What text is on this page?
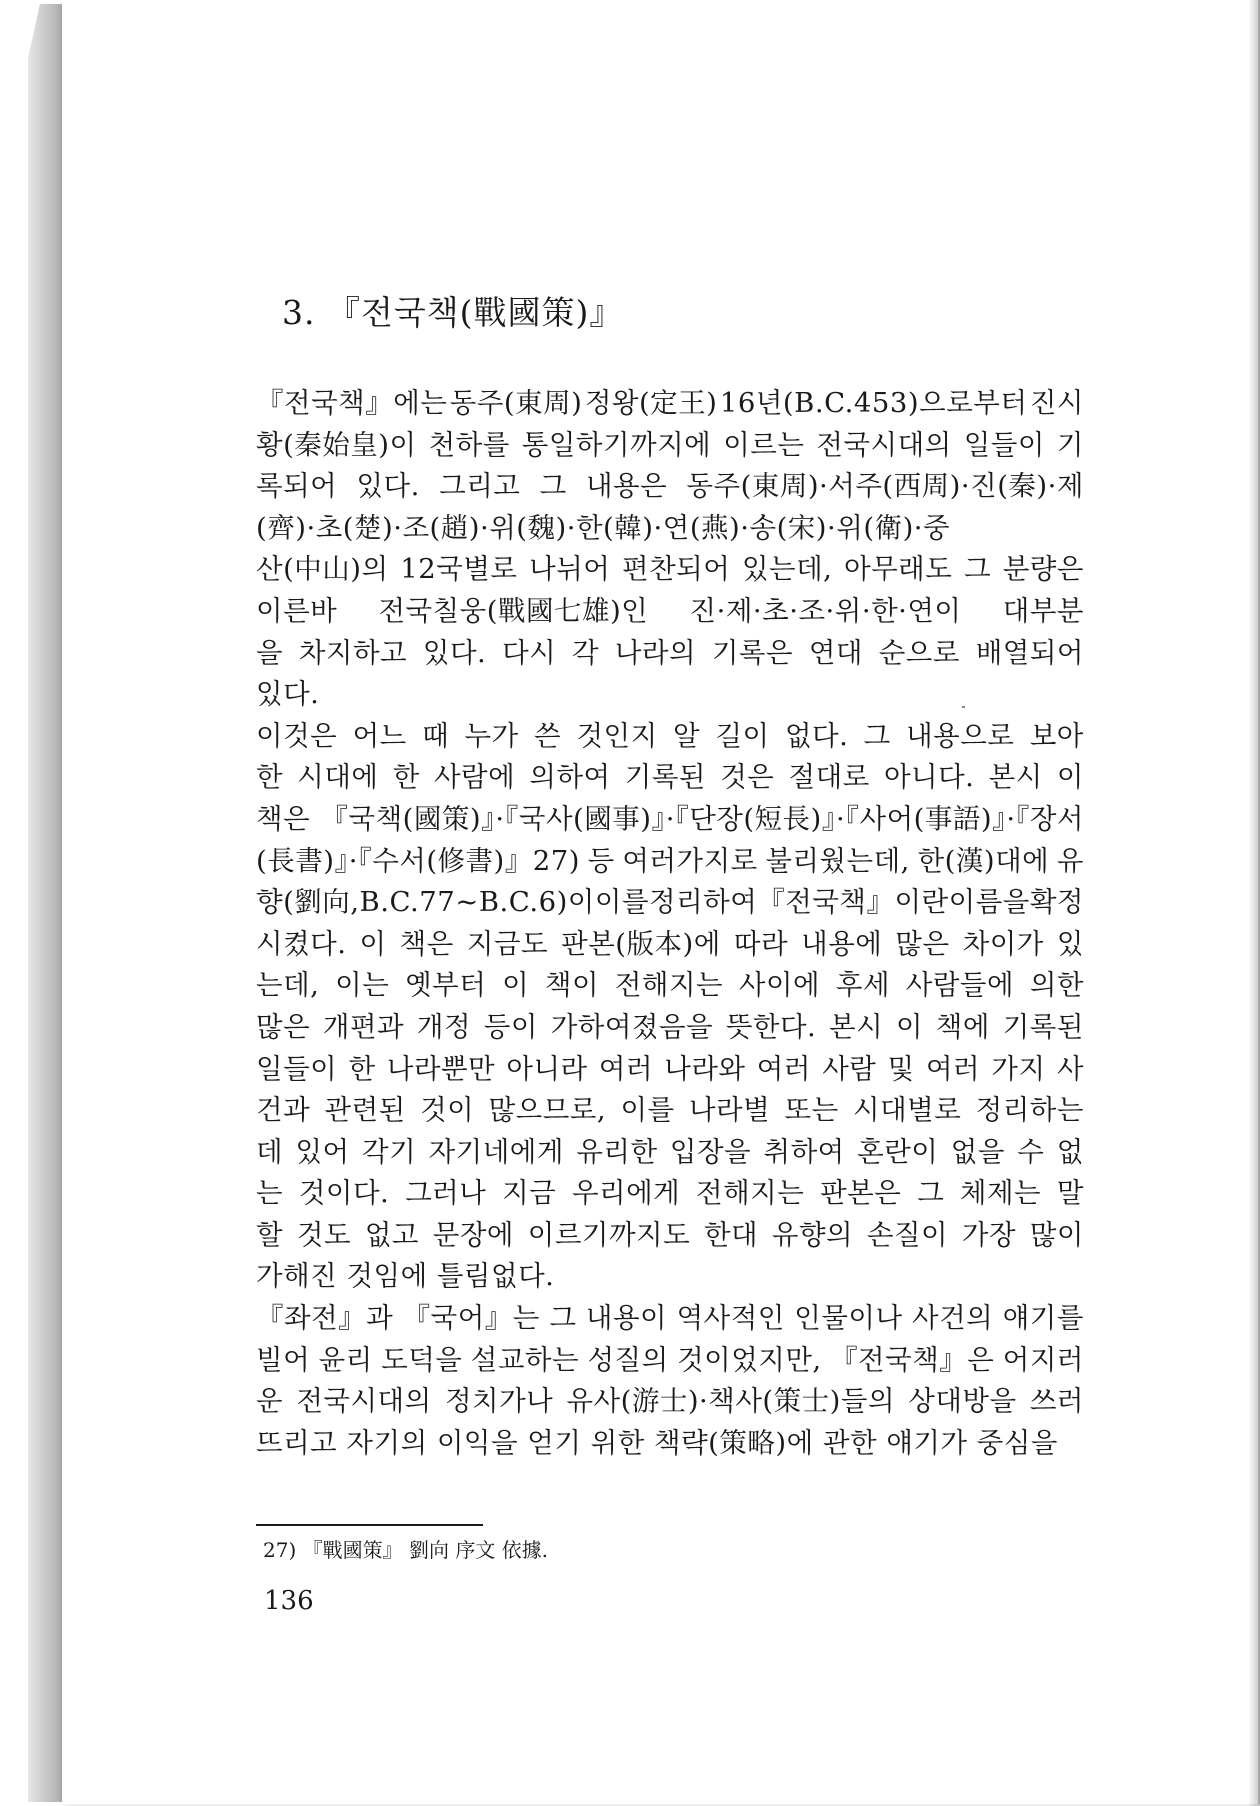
3. 『전국책(戰國策)』
『전국책』에는 동주(東周) 정왕(定王) 16년(B.C.453)으로부터 진시
황(秦始皇)이 천하를 통일하기까지에 이르는 전국시대의 일들이 기
록되어 있다. 그리고 그 내용은 동주(東周)·서주(西周)·진(秦)·제
(齊)·초(楚)·조(趙)·위(魏)·한(韓)·연(燕)·송(宋)·위(衛)·중
산(中山)의 12국별로 나뉘어 편찬되어 있는데, 아무래도 그 분량은
이른바 전국칠웅(戰國七雄)인 진·제·초·조·위·한·연이 대부분
을 차지하고 있다. 다시 각 나라의 기록은 연대 순으로 배열되어
있다.
이것은 어느 때 누가 쓴 것인지 알 길이 없다. 그 내용으로 보아
한 시대에 한 사람에 의하여 기록된 것은 절대로 아니다. 본시 이
책은 『국책(國策)』·『국사(國事)』·『단장(短長)』·『사어(事語)』·『장서
(長書)』·『수서(修書)』27) 등 여러가지로 불리웠는데, 한(漢)대에 유
향(劉向, B.C.77~B.C.6)이 이를 정리하여 『전국책』이란 이름을 확정
시켰다. 이 책은 지금도 판본(版本)에 따라 내용에 많은 차이가 있
는데, 이는 옛부터 이 책이 전해지는 사이에 후세 사람들에 의한
많은 개편과 개정 등이 가하여졌음을 뜻한다. 본시 이 책에 기록된
일들이 한 나라뿐만 아니라 여러 나라와 여러 사람 및 여러 가지 사
건과 관련된 것이 많으므로, 이를 나라별 또는 시대별로 정리하는
데 있어 각기 자기네에게 유리한 입장을 취하여 혼란이 없을 수 없
는 것이다. 그러나 지금 우리에게 전해지는 판본은 그 체제는 말
할 것도 없고 문장에 이르기까지도 한대 유향의 손질이 가장 많이
가해진 것임에 틀림없다.
『좌전』과 『국어』는 그 내용이 역사적인 인물이나 사건의 얘기를
빌어 윤리 도덕을 설교하는 성질의 것이었지만, 『전국책』은 어지러
운 전국시대의 정치가나 유사(游士)·책사(策士)들의 상대방을 쓰러
뜨리고 자기의 이익을 얻기 위한 책략(策略)에 관한 얘기가 중심을
27) 『戰國策』 劉向 序文 依據.
136
